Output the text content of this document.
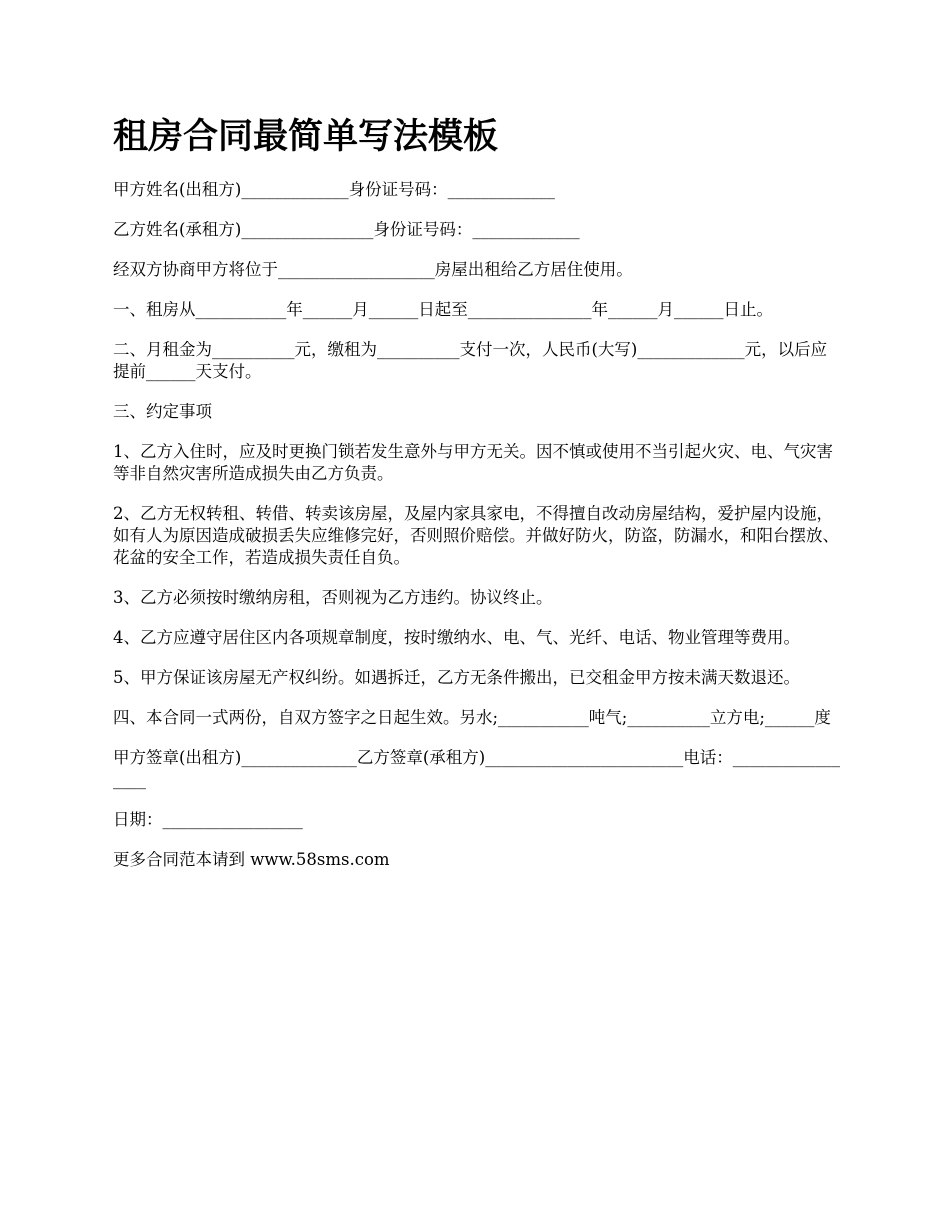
租房合同最简单写法模板

甲方姓名(出租方)_____________身份证号码：_____________

乙方姓名(承租方)________________身份证号码：_____________

经双方协商甲方将位于___________________房屋出租给乙方居住使用。

一、租房从___________年______月______日起至_______________年______月______日止。

二、月租金为__________元，缴租为__________支付一次，人民币(大写)_____________元，以后应提前______天支付。

三、约定事项

1、乙方入住时，应及时更换门锁若发生意外与甲方无关。因不慎或使用不当引起火灾、电、气灾害等非自然灾害所造成损失由乙方负责。

2、乙方无权转租、转借、转卖该房屋，及屋内家具家电，不得擅自改动房屋结构，爱护屋内设施，如有人为原因造成破损丢失应维修完好，否则照价赔偿。并做好防火，防盗，防漏水，和阳台摆放、花盆的安全工作，若造成损失责任自负。

3、乙方必须按时缴纳房租，否则视为乙方违约。协议终止。

4、乙方应遵守居住区内各项规章制度，按时缴纳水、电、气、光纤、电话、物业管理等费用。

5、甲方保证该房屋无产权纠纷。如遇拆迁，乙方无条件搬出，已交租金甲方按未满天数退还。

四、本合同一式两份，自双方签字之日起生效。另水;___________吨气;__________立方电;______度

甲方签章(出租方)______________乙方签章(承租方)________________________电话：_________________

日期：_________________

更多合同范本请到 www.58sms.com
